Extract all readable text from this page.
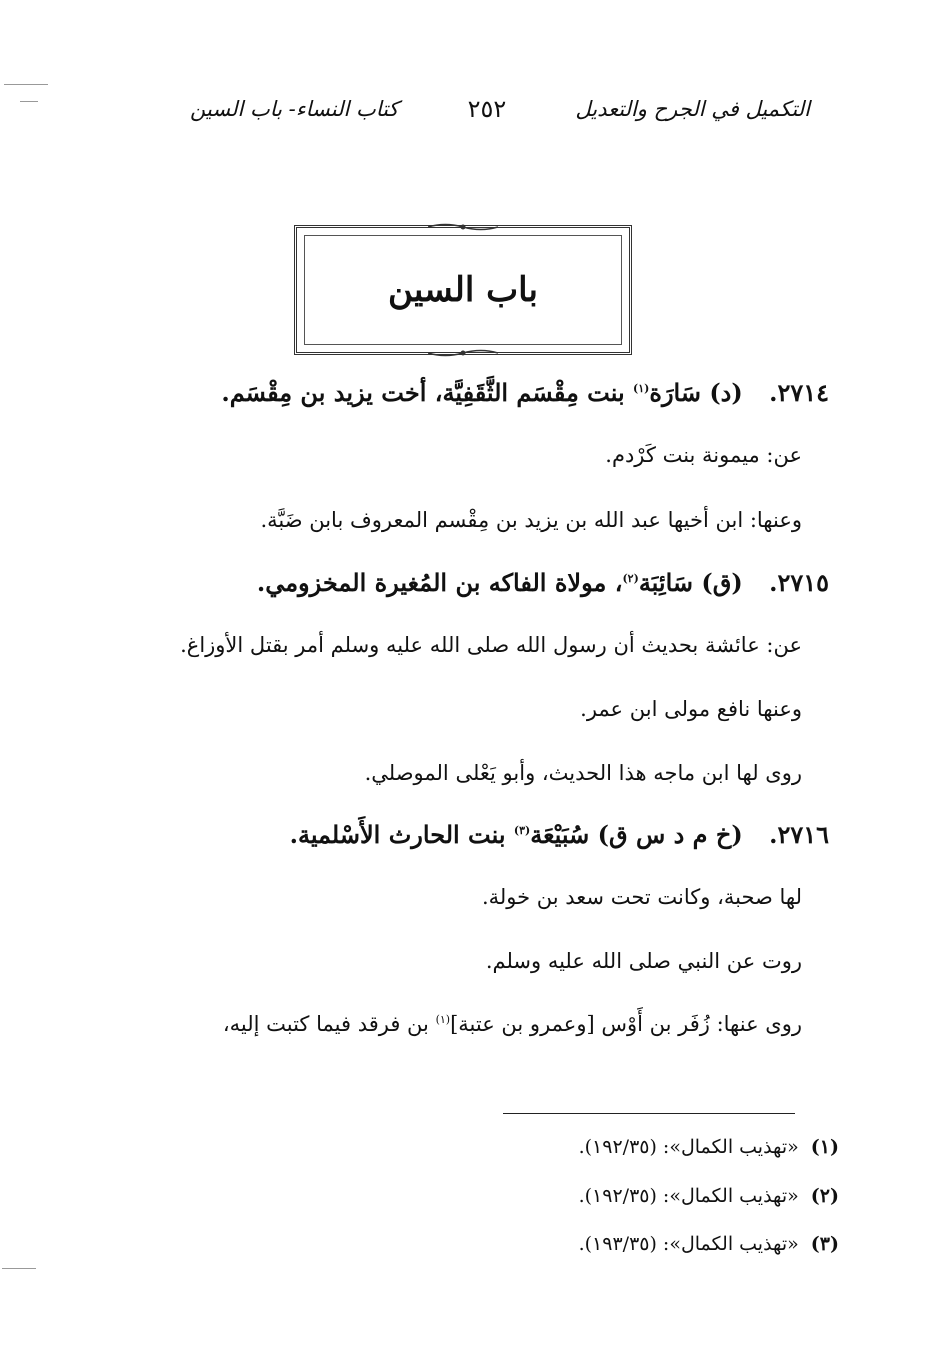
التكميل في الجرح والتعديل
٢٥٢
كتاب النساء- باب السين
باب السين
٢٧١٤. (د) سَارَة$^{(١)}$ بنت مِقْسَم الثَّقَفِيَّة، أخت يزيد بن مِقْسَم.
عن: ميمونة بنت كَرْدم.
وعنها: ابن أخيها عبد الله بن يزيد بن مِقْسم المعروف بابن ضَبَّة.
٢٧١٥. (ق) سَائِبَة$^{(٢)}$، مولاة الفاكه بن المُغيرة المخزومي.
عن: عائشة بحديث أن رسول الله صلى الله عليه وسلم أمر بقتل الأوزاغ.
وعنها نافع مولى ابن عمر.
روى لها ابن ماجه هذا الحديث، وأبو يَعْلى الموصلي.
٢٧١٦. (خ م د س ق) سُبَيْعَة$^{(٣)}$ بنت الحارث الأَسْلمية.
لها صحبة، وكانت تحت سعد بن خولة.
روت عن النبي صلى الله عليه وسلم.
روى عنها: زُفَر بن أَوْس [وعمرو بن عتبة]$^{(١)}$ بن فرقد فيما كتبت إليه،
(١) «تهذيب الكمال»: (١٩٢/٣٥).
(٢) «تهذيب الكمال»: (١٩٢/٣٥).
(٣) «تهذيب الكمال»: (١٩٣/٣٥).
